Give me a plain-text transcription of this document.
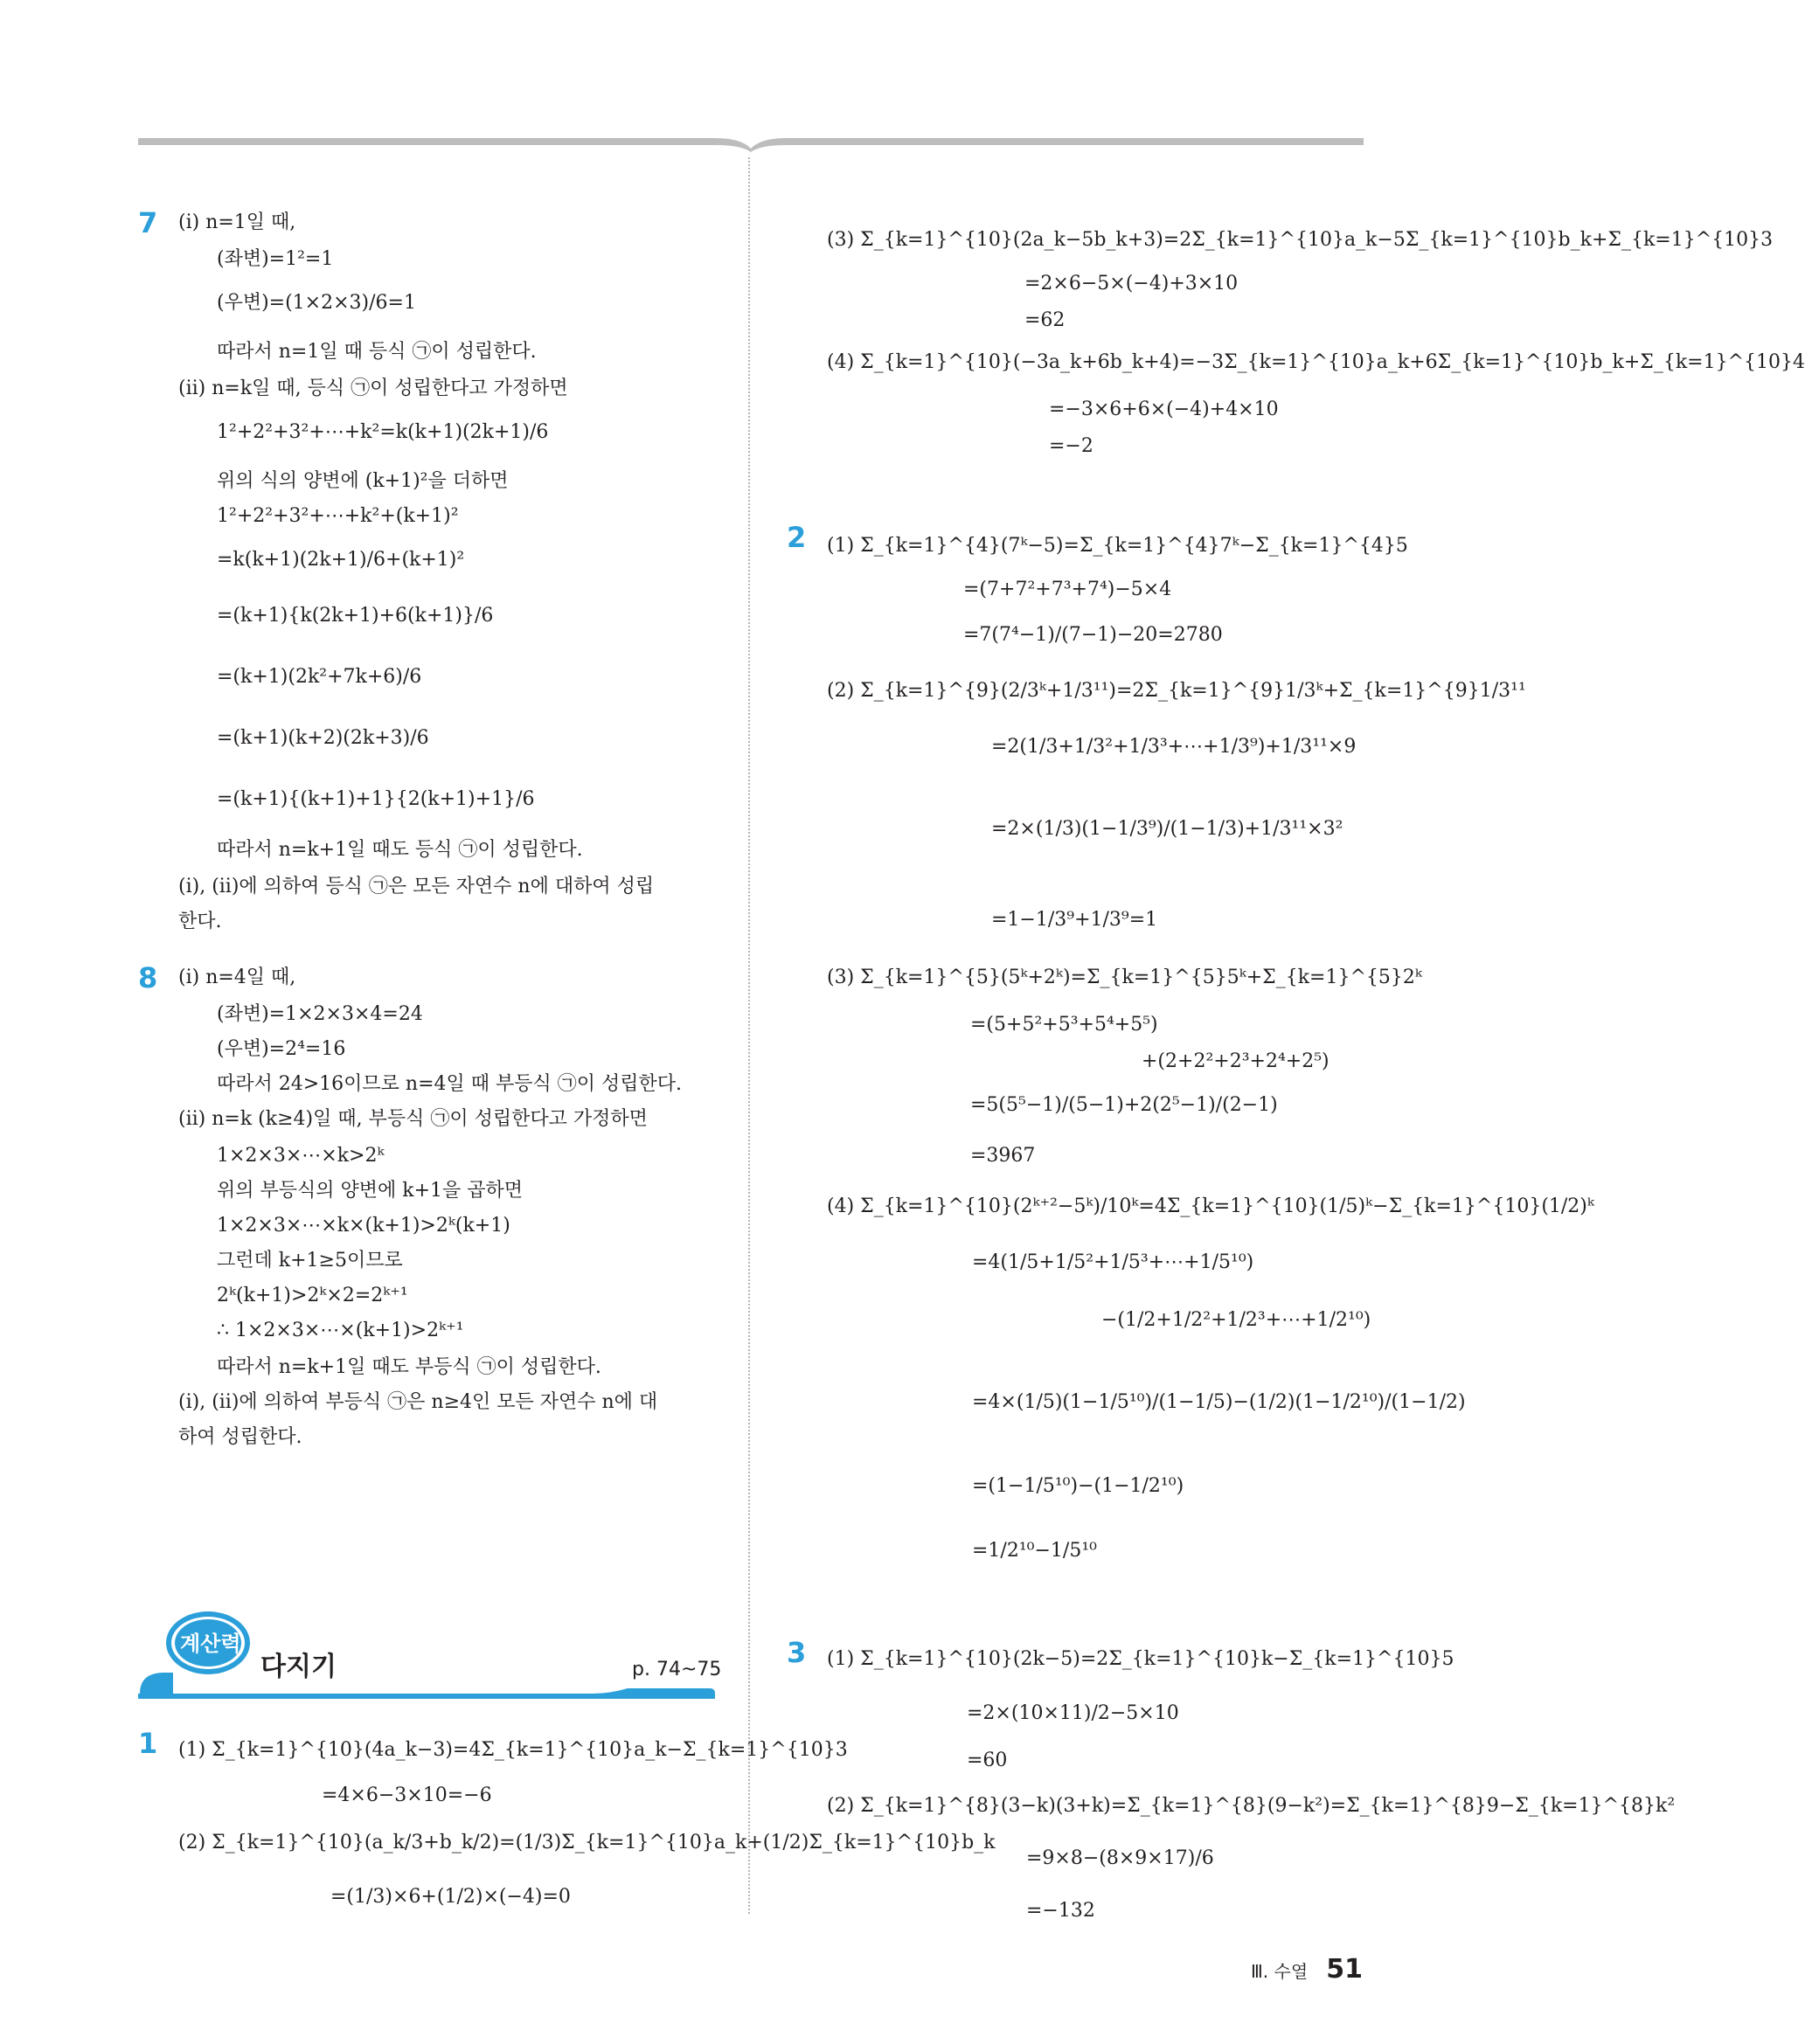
7 (ⅰ) n=1일 때,
(좌변)=1²=1
(우변)=(1×2×3)/6=1
따라서 n=1일 때 등식 ㉠이 성립한다.
(ⅱ) n=k일 때, 등식 ㉠이 성립한다고 가정하면
1²+2²+3²+⋯+k²=k(k+1)(2k+1)/6
위의 식의 양변에 (k+1)²을 더하면
1²+2²+3²+⋯+k²+(k+1)²
=k(k+1)(2k+1)/6+(k+1)²
=(k+1){k(2k+1)+6(k+1)}/6
=(k+1)(2k²+7k+6)/6
=(k+1)(k+2)(2k+3)/6
=(k+1){(k+1)+1}{2(k+1)+1}/6
따라서 n=k+1일 때도 등식 ㉠이 성립한다.
(ⅰ), (ⅱ)에 의하여 등식 ㉠은 모든 자연수 n에 대하여 성립
한다.
8 (ⅰ) n=4일 때,
(좌변)=1×2×3×4=24
(우변)=2⁴=16
따라서 24>16이므로 n=4일 때 부등식 ㉠이 성립한다.
(ⅱ) n=k (k≥4)일 때, 부등식 ㉠이 성립한다고 가정하면
1×2×3×⋯×k>2ᵏ
위의 부등식의 양변에 k+1을 곱하면
1×2×3×⋯×k×(k+1)>2ᵏ(k+1)
그런데 k+1≥5이므로
2ᵏ(k+1)>2ᵏ×2=2ᵏ⁺¹
∴ 1×2×3×⋯×(k+1)>2ᵏ⁺¹
따라서 n=k+1일 때도 부등식 ㉠이 성립한다.
(ⅰ), (ⅱ)에 의하여 부등식 ㉠은 n≥4인 모든 자연수 n에 대
하여 성립한다.
계산력
다지기	p. 74~75
1 (1) Σ_{k=1}^{10}(4a_k−3)=4Σ_{k=1}^{10}a_k−Σ_{k=1}^{10}3
=4×6−3×10=−6
(2) Σ_{k=1}^{10}(a_k/3+b_k/2)=(1/3)Σ_{k=1}^{10}a_k+(1/2)Σ_{k=1}^{10}b_k
=(1/3)×6+(1/2)×(−4)=0
(3) Σ_{k=1}^{10}(2a_k−5b_k+3)=2Σ_{k=1}^{10}a_k−5Σ_{k=1}^{10}b_k+Σ_{k=1}^{10}3
=2×6−5×(−4)+3×10
=62
(4) Σ_{k=1}^{10}(−3a_k+6b_k+4)=−3Σ_{k=1}^{10}a_k+6Σ_{k=1}^{10}b_k+Σ_{k=1}^{10}4
=−3×6+6×(−4)+4×10
=−2
2 (1) Σ_{k=1}^{4}(7ᵏ−5)=Σ_{k=1}^{4}7ᵏ−Σ_{k=1}^{4}5
=(7+7²+7³+7⁴)−5×4
=7(7⁴−1)/(7−1)−20=2780
(2) Σ_{k=1}^{9}(2/3ᵏ+1/3¹¹)=2Σ_{k=1}^{9}1/3ᵏ+Σ_{k=1}^{9}1/3¹¹
=2(1/3+1/3²+1/3³+⋯+1/3⁹)+1/3¹¹×9
=2×(1/3)(1−1/3⁹)/(1−1/3)+1/3¹¹×3²
=1−1/3⁹+1/3⁹=1
(3) Σ_{k=1}^{5}(5ᵏ+2ᵏ)=Σ_{k=1}^{5}5ᵏ+Σ_{k=1}^{5}2ᵏ
=(5+5²+5³+5⁴+5⁵)
+(2+2²+2³+2⁴+2⁵)
=5(5⁵−1)/(5−1)+2(2⁵−1)/(2−1)
=3967
(4) Σ_{k=1}^{10}(2ᵏ⁺²−5ᵏ)/10ᵏ=4Σ_{k=1}^{10}(1/5)ᵏ−Σ_{k=1}^{10}(1/2)ᵏ
=4(1/5+1/5²+1/5³+⋯+1/5¹⁰)
−(1/2+1/2²+1/2³+⋯+1/2¹⁰)
=4×(1/5)(1−1/5¹⁰)/(1−1/5)−(1/2)(1−1/2¹⁰)/(1−1/2)
=(1−1/5¹⁰)−(1−1/2¹⁰)
=1/2¹⁰−1/5¹⁰
3 (1) Σ_{k=1}^{10}(2k−5)=2Σ_{k=1}^{10}k−Σ_{k=1}^{10}5
=2×(10×11)/2−5×10
=60
(2) Σ_{k=1}^{8}(3−k)(3+k)=Σ_{k=1}^{8}(9−k²)=Σ_{k=1}^{8}9−Σ_{k=1}^{8}k²
=9×8−(8×9×17)/6
=−132
Ⅲ. 수열 51
